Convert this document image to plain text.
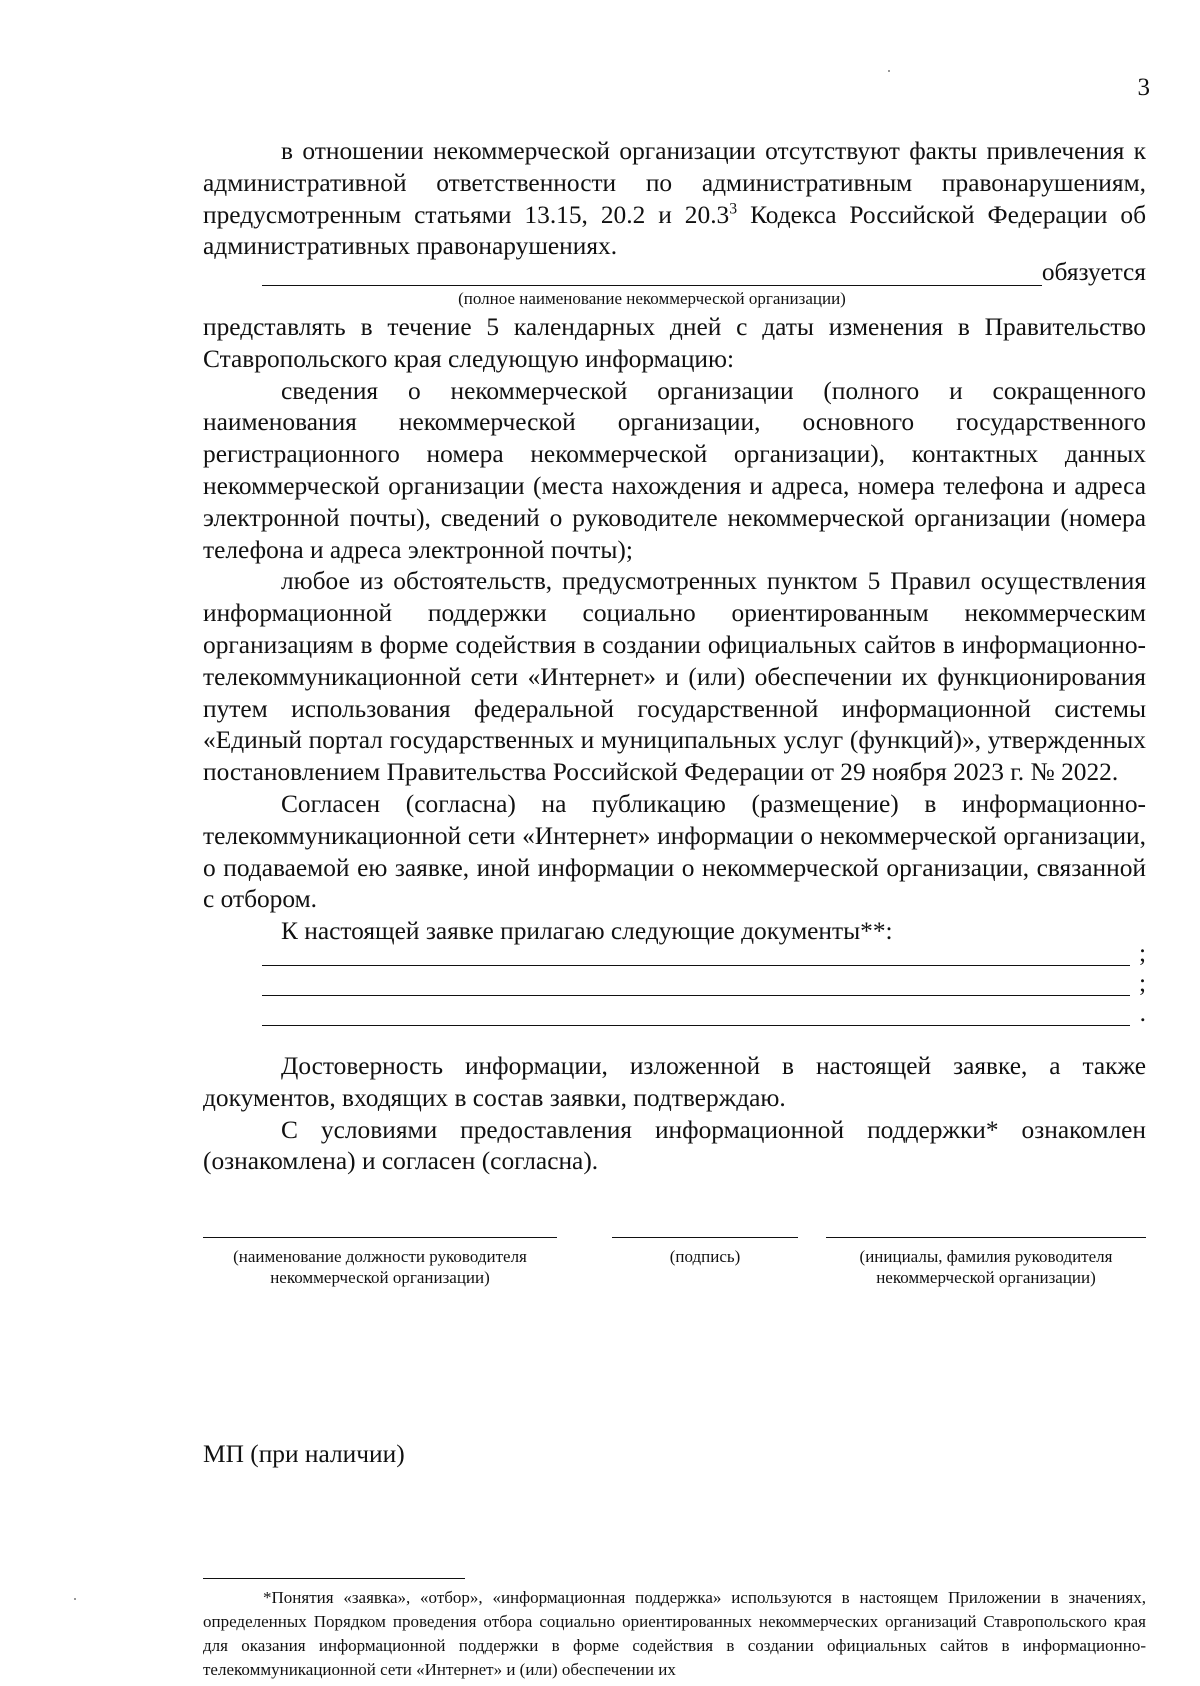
3

в отношении некоммерческой организации отсутствуют факты привлечения к административной ответственности по административным правонарушениям, предусмотренным статьями 13.15, 20.2 и 20.3$^3$ Кодекса Российской Федерации об административных правонарушениях.

обязуется
(полное наименование некоммерческой организации)

представлять в течение 5 календарных дней с даты изменения в Правительство Ставропольского края следующую информацию:

сведения о некоммерческой организации (полного и сокращенного наименования некоммерческой организации, основного государственного регистрационного номера некоммерческой организации), контактных данных некоммерческой организации (места нахождения и адреса, номера телефона и адреса электронной почты), сведений о руководителе некоммерческой организации (номера телефона и адреса электронной почты);

любое из обстоятельств, предусмотренных пунктом 5 Правил осуществления информационной поддержки социально ориентированным некоммерческим организациям в форме содействия в создании официальных сайтов в информационно-телекоммуникационной сети «Интернет» и (или) обеспечении их функционирования путем использования федеральной государственной информационной системы «Единый портал государственных и муниципальных услуг (функций)», утвержденных постановлением Правительства Российской Федерации от 29 ноября 2023 г. № 2022.

Согласен (согласна) на публикацию (размещение) в информационно-телекоммуникационной сети «Интернет» информации о некоммерческой организации, о подаваемой ею заявке, иной информации о некоммерческой организации, связанной с отбором.

К настоящей заявке прилагаю следующие документы**:

;
;
.

Достоверность информации, изложенной в настоящей заявке, а также документов, входящих в состав заявки, подтверждаю.

С условиями предоставления информационной поддержки* ознакомлен (ознакомлена) и согласен (согласна).

(наименование должности руководителя некоммерческой организации)
(подпись)	(инициалы, фамилия руководителя некоммерческой организации)
МП (при наличии)

*Понятия «заявка», «отбор», «информационная поддержка» используются в настоящем Приложении в значениях, определенных Порядком проведения отбора социально ориентированных некоммерческих организаций Ставропольского края для оказания информационной поддержки в форме содействия в создании официальных сайтов в информационно-телекоммуникационной сети «Интернет» и (или) обеспечении их
